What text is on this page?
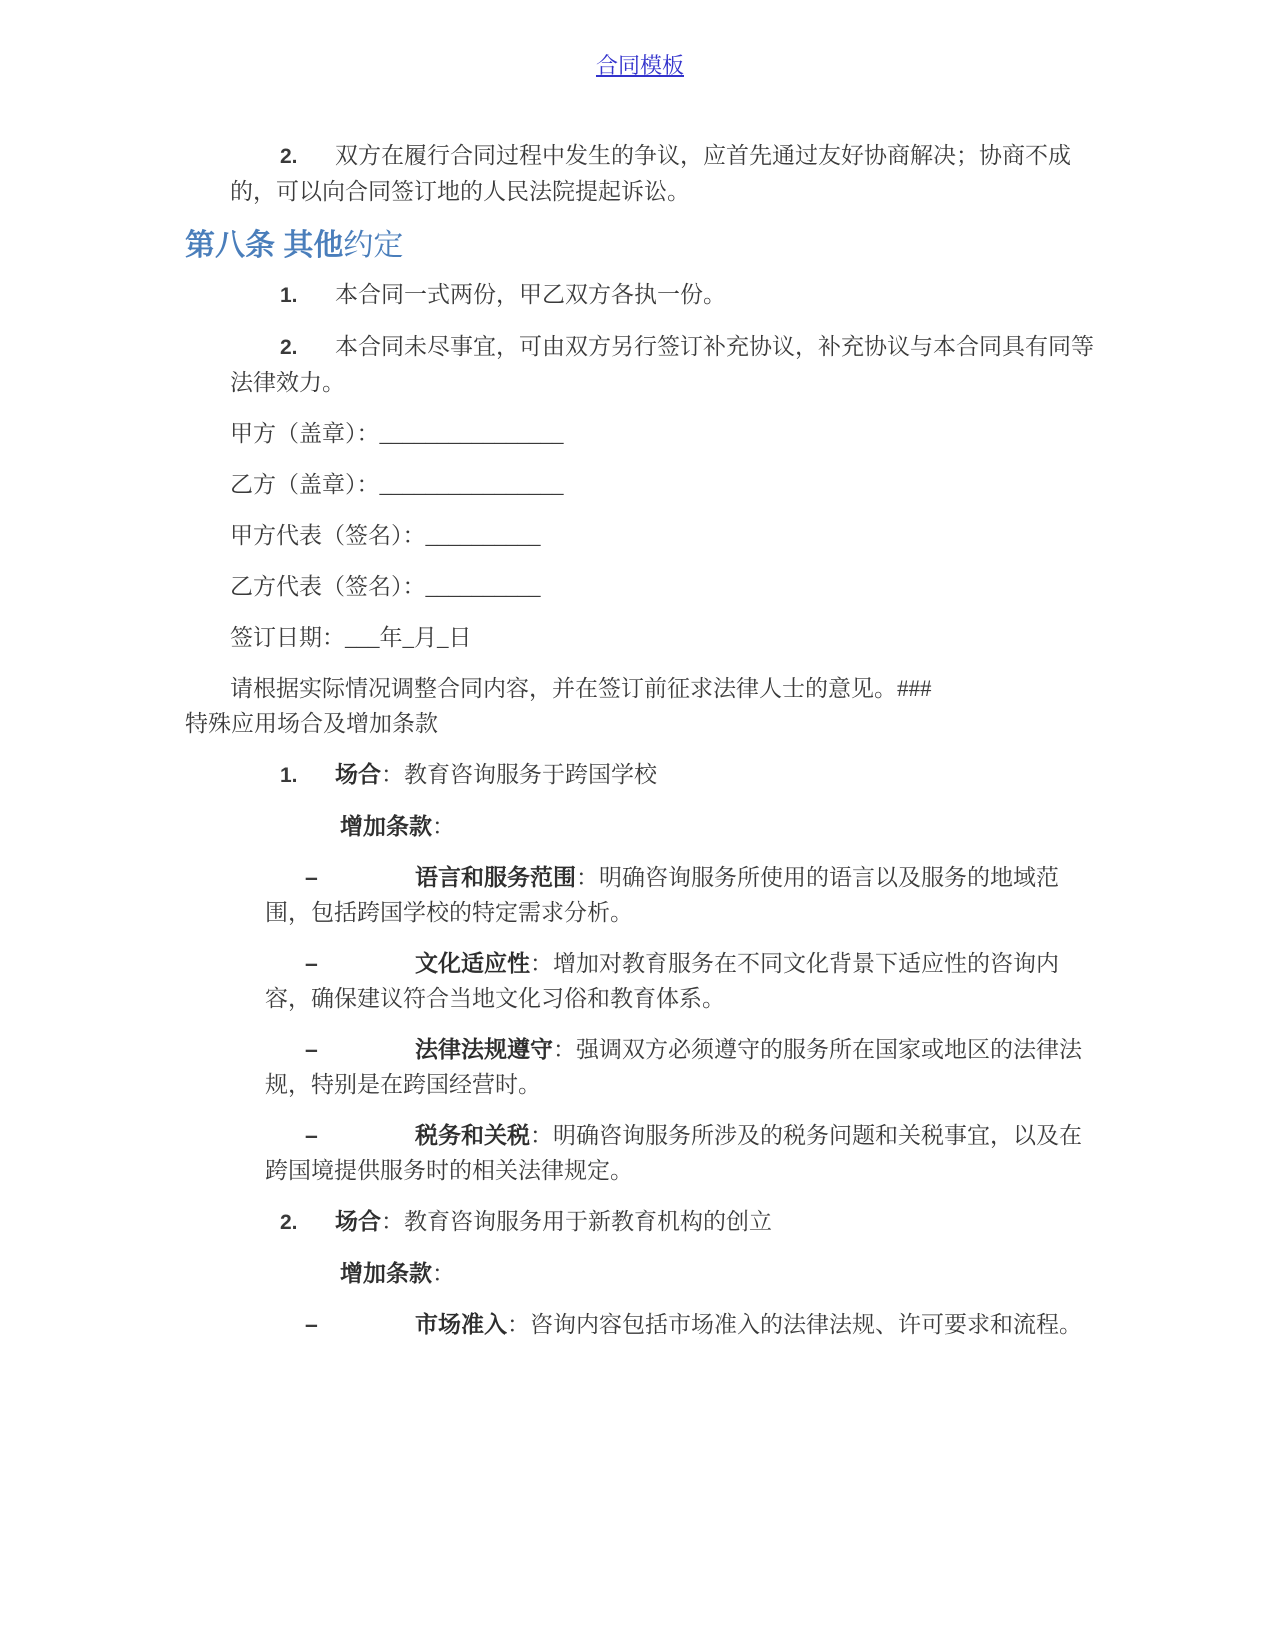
合同模板

2. 双方在履行合同过程中发生的争议，应首先通过友好协商解决；协商不成的，可以向合同签订地的人民法院提起诉讼。

第八条 其他约定

1. 本合同一式两份，甲乙双方各执一份。

2. 本合同未尽事宜，可由双方另行签订补充协议，补充协议与本合同具有同等法律效力。

甲方（盖章）：________________

乙方（盖章）：________________

甲方代表（签名）：__________

乙方代表（签名）：__________

签订日期：___年_月_日

请根据实际情况调整合同内容，并在签订前征求法律人士的意见。###
特殊应用场合及增加条款

1. 场合：教育咨询服务于跨国学校

增加条款：

–	语言和服务范围：明确咨询服务所使用的语言以及服务的地域范围，包括跨国学校的特定需求分析。

–	文化适应性：增加对教育服务在不同文化背景下适应性的咨询内容，确保建议符合当地文化习俗和教育体系。

–	法律法规遵守：强调双方必须遵守的服务所在国家或地区的法律法规，特别是在跨国经营时。

–	税务和关税：明确咨询服务所涉及的税务问题和关税事宜，以及在跨国境提供服务时的相关法律规定。

2. 场合：教育咨询服务用于新教育机构的创立

增加条款：

–	市场准入：咨询内容包括市场准入的法律法规、许可要求和流程。
